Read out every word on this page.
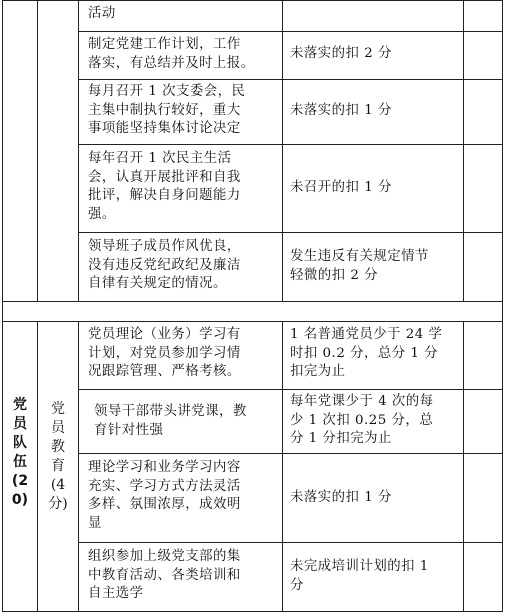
党
员
队
伍
(2
0)
党
员
教
育
(4
分)
活动
制定党建工作计划，工作
落实，有总结并及时上报。
未落实的扣 2 分
每月召开 1 次支委会，民
主集中制执行较好，重大
事项能坚持集体讨论决定
未落实的扣 1 分
每年召开 1 次民主生活
会，认真开展批评和自我
批评，解决自身问题能力
强。
未召开的扣 1 分
领导班子成员作风优良，
没有违反党纪政纪及廉洁
自律有关规定的情况。
发生违反有关规定情节
轻微的扣 2 分
党员理论（业务）学习有
计划，对党员参加学习情
况跟踪管理、严格考核。
1 名普通党员少于 24 学
时扣 0.2 分，总分 1 分
扣完为止
领导干部带头讲党课，教
育针对性强
每年党课少于 4 次的每
少 1 次扣 0.25 分，总
分 1 分扣完为止
理论学习和业务学习内容
充实、学习方式方法灵活
多样、氛围浓厚，成效明
显
未落实的扣 1 分
组织参加上级党支部的集
中教育活动、各类培训和
自主选学
未完成培训计划的扣 1
分
